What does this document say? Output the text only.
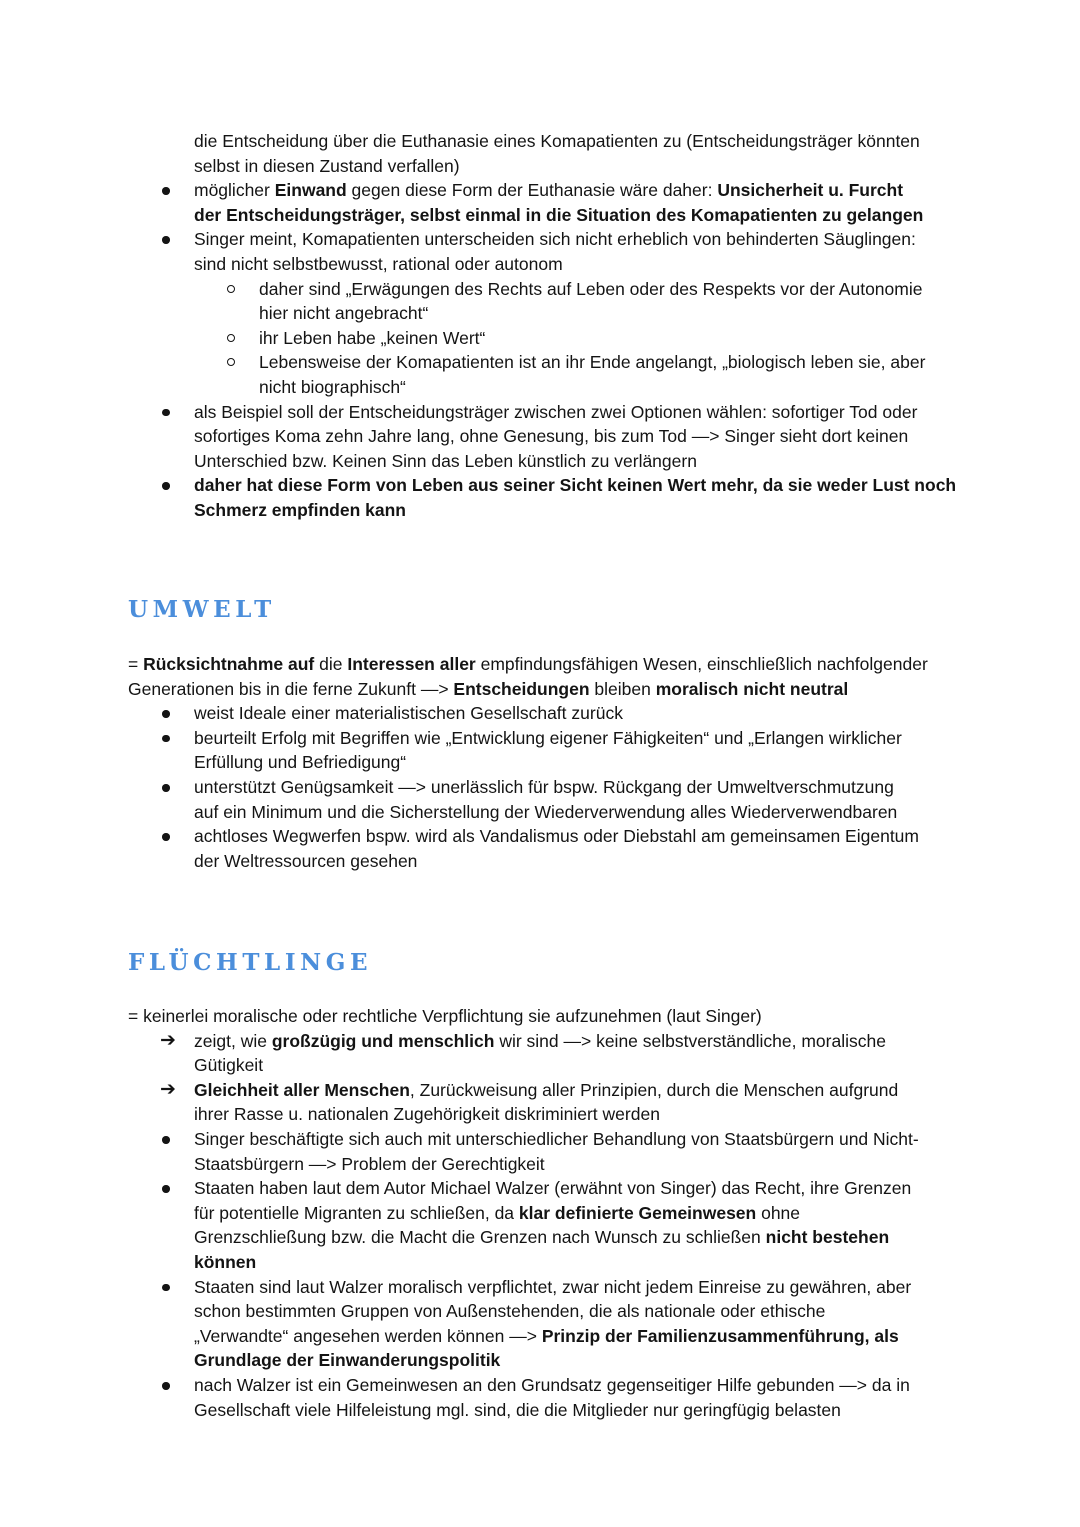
die Entscheidung über die Euthanasie eines Komapatienten zu (Entscheidungsträger könnten
selbst in diesen Zustand verfallen)
möglicher Einwand gegen diese Form der Euthanasie wäre daher: Unsicherheit u. Furcht
der Entscheidungsträger, selbst einmal in die Situation des Komapatienten zu gelangen
Singer meint, Komapatienten unterscheiden sich nicht erheblich von behinderten Säuglingen:
sind nicht selbstbewusst, rational oder autonom
daher sind „Erwägungen des Rechts auf Leben oder des Respekts vor der Autonomie
hier nicht angebracht“
ihr Leben habe „keinen Wert“
Lebensweise der Komapatienten ist an ihr Ende angelangt, „biologisch leben sie, aber
nicht biographisch“
als Beispiel soll der Entscheidungsträger zwischen zwei Optionen wählen: sofortiger Tod oder
sofortiges Koma zehn Jahre lang, ohne Genesung, bis zum Tod —> Singer sieht dort keinen
Unterschied bzw. Keinen Sinn das Leben künstlich zu verlängern
daher hat diese Form von Leben aus seiner Sicht keinen Wert mehr, da sie weder Lust noch
Schmerz empfinden kann
UMWELT
= Rücksichtnahme auf die Interessen aller empfindungsfähigen Wesen, einschließlich nachfolgender
Generationen bis in die ferne Zukunft —> Entscheidungen bleiben moralisch nicht neutral
weist Ideale einer materialistischen Gesellschaft zurück
beurteilt Erfolg mit Begriffen wie „Entwicklung eigener Fähigkeiten“ und „Erlangen wirklicher
Erfüllung und Befriedigung“
unterstützt Genügsamkeit —> unerlässlich für bspw. Rückgang der Umweltverschmutzung
auf ein Minimum und die Sicherstellung der Wiederverwendung alles Wiederverwendbaren
achtloses Wegwerfen bspw. wird als Vandalismus oder Diebstahl am gemeinsamen Eigentum
der Weltressourcen gesehen
FLÜCHTLINGE
= keinerlei moralische oder rechtliche Verpflichtung sie aufzunehmen (laut Singer)
➔ zeigt, wie großzügig und menschlich wir sind —> keine selbstverständliche, moralische
Gütigkeit
➔ Gleichheit aller Menschen, Zurückweisung aller Prinzipien, durch die Menschen aufgrund
ihrer Rasse u. nationalen Zugehörigkeit diskriminiert werden
Singer beschäftigte sich auch mit unterschiedlicher Behandlung von Staatsbürgern und Nicht-
Staatsbürgern —> Problem der Gerechtigkeit
Staaten haben laut dem Autor Michael Walzer (erwähnt von Singer) das Recht, ihre Grenzen
für potentielle Migranten zu schließen, da klar definierte Gemeinwesen ohne
Grenzschließung bzw. die Macht die Grenzen nach Wunsch zu schließen nicht bestehen
können
Staaten sind laut Walzer moralisch verpflichtet, zwar nicht jedem Einreise zu gewähren, aber
schon bestimmten Gruppen von Außenstehenden, die als nationale oder ethische
„Verwandte“ angesehen werden können —> Prinzip der Familienzusammenführung, als
Grundlage der Einwanderungspolitik
nach Walzer ist ein Gemeinwesen an den Grundsatz gegenseitiger Hilfe gebunden —> da in
Gesellschaft viele Hilfeleistung mgl. sind, die die Mitglieder nur geringfügig belasten
